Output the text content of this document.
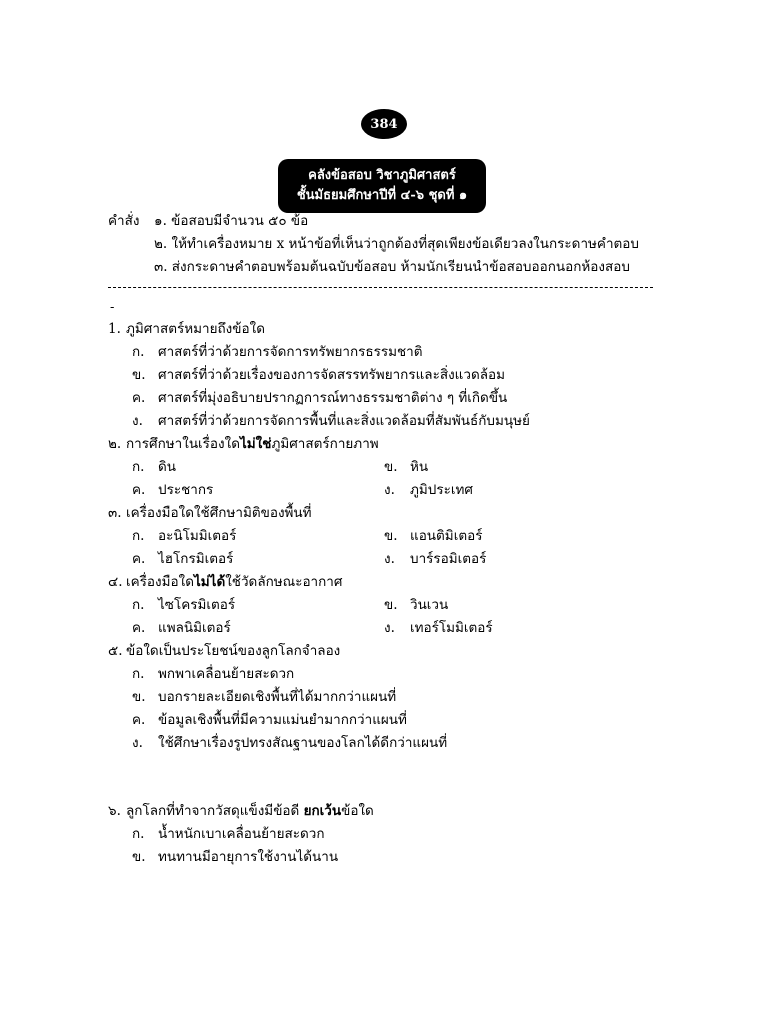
384
คลังข้อสอบ วิชาภูมิศาสตร์
ชั้นมัธยมศึกษาปีที่ ๔-๖ ชุดที่ ๑
คำสั่ง ๑. ข้อสอบมีจำนวน ๕๐ ข้อ
๒. ให้ทำเครื่องหมาย x หน้าข้อที่เห็นว่าถูกต้องที่สุดเพียงข้อเดียวลงในกระดาษคำตอบ
๓. ส่งกระดาษคำตอบพร้อมต้นฉบับข้อสอบ ห้ามนักเรียนนำข้อสอบออกนอกห้องสอบ
-
1. ภูมิศาสตร์หมายถึงข้อใด
ก. ศาสตร์ที่ว่าด้วยการจัดการทรัพยากรธรรมชาติ
ข. ศาสตร์ที่ว่าด้วยเรื่องของการจัดสรรทรัพยากรและสิ่งแวดล้อม
ค. ศาสตร์ที่มุ่งอธิบายปรากฏการณ์ทางธรรมชาติต่าง ๆ ที่เกิดขึ้น
ง. ศาสตร์ที่ว่าด้วยการจัดการพื้นที่และสิ่งแวดล้อมที่สัมพันธ์กับมนุษย์
๒. การศึกษาในเรื่องใดไม่ใช่ภูมิศาสตร์กายภาพ
ก. ดิน	ข. หิน
ค. ประชากร	ง. ภูมิประเทศ
๓. เครื่องมือใดใช้ศึกษามิติของพื้นที่
ก. อะนิโมมิเตอร์	ข. แอนติมิเตอร์
ค. ไฮโกรมิเตอร์	ง. บาร์รอมิเตอร์
๔. เครื่องมือใดไม่ได้ใช้วัดลักษณะอากาศ
ก. ไซโครมิเตอร์	ข. วินเวน
ค. แพลนิมิเตอร์	ง. เทอร์โมมิเตอร์
๕. ข้อใดเป็นประโยชน์ของลูกโลกจำลอง
ก. พกพาเคลื่อนย้ายสะดวก
ข. บอกรายละเอียดเชิงพื้นที่ได้มากกว่าแผนที่
ค. ข้อมูลเชิงพื้นที่มีความแม่นยำมากกว่าแผนที่
ง. ใช้ศึกษาเรื่องรูปทรงสัณฐานของโลกได้ดีกว่าแผนที่
๖. ลูกโลกที่ทำจากวัสดุแข็งมีข้อดี ยกเว้นข้อใด
ก. น้ำหนักเบาเคลื่อนย้ายสะดวก
ข. ทนทานมีอายุการใช้งานได้นาน
